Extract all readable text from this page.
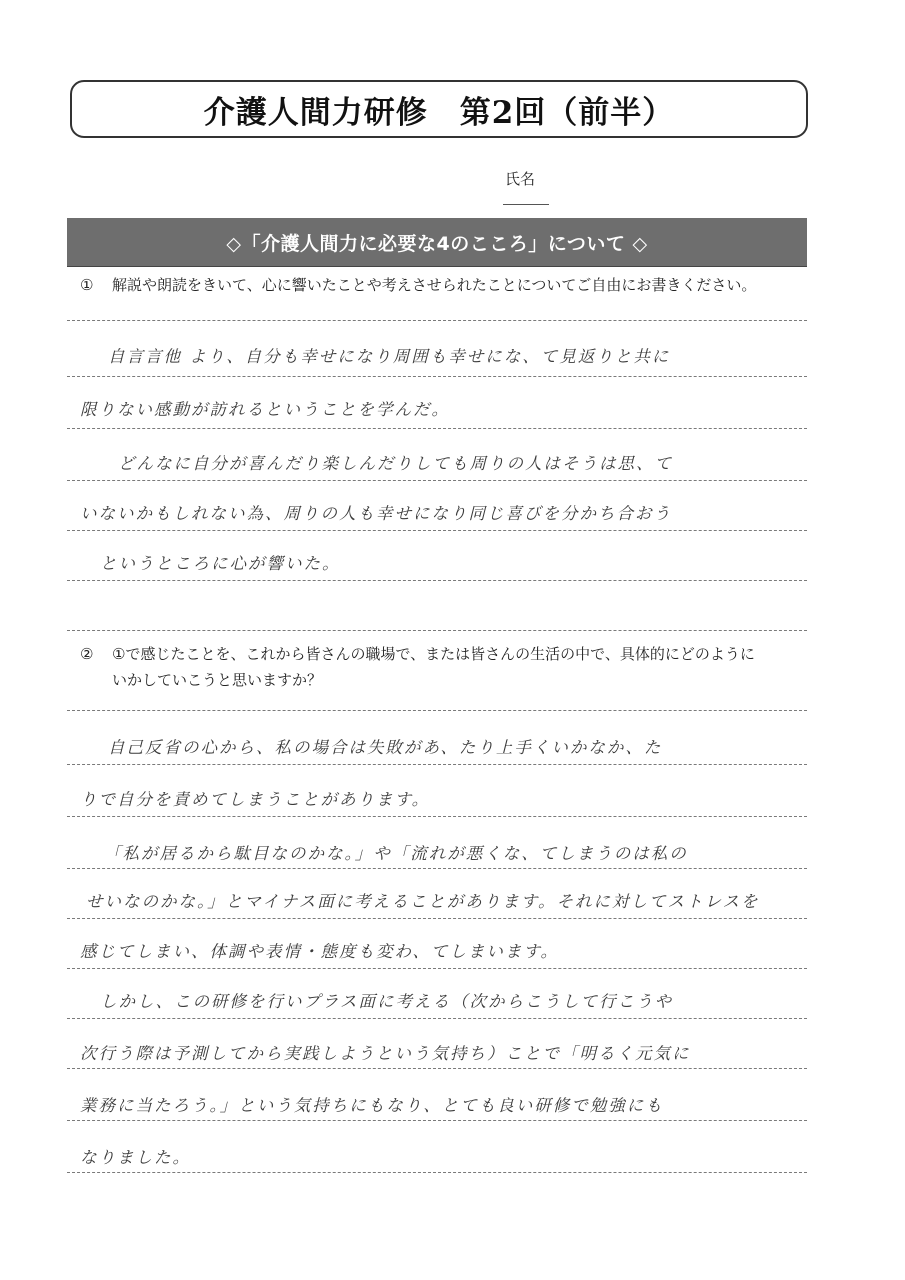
介護人間力研修　第2回（前半）
氏名
◇「介護人間力に必要な4のこころ」について ◇
① 解説や朗読をきいて、心に響いたことや考えさせられたことについてご自由にお書きください。
自言言他 より、自分も幸せになり周囲も幸せにな、て見返りと共に
限りない感動が訪れるということを学んだ。
どんなに自分が喜んだり楽しんだりしても周りの人はそうは思、て
いないかもしれない為、周りの人も幸せになり同じ喜びを分かち合おう
というところに心が響いた。
② ①で感じたことを、これから皆さんの職場で、または皆さんの生活の中で、具体的にどのように
いかしていこうと思いますか？
自己反省の心から、私の場合は失敗があ、たり上手くいかなか、た
りで自分を責めてしまうことがあります。
「私が居るから駄目なのかな。」や「流れが悪くな、てしまうのは私の
せいなのかな。」とマイナス面に考えることがあります。それに対してストレスを
感じてしまい、体調や表情・態度も変わ、てしまいます。
しかし、この研修を行いプラス面に考える（次からこうして行こうや
次行う際は予測してから実践しようという気持ち）ことで「明るく元気に
業務に当たろう。」という気持ちにもなり、とても良い研修で勉強にも
なりました。
